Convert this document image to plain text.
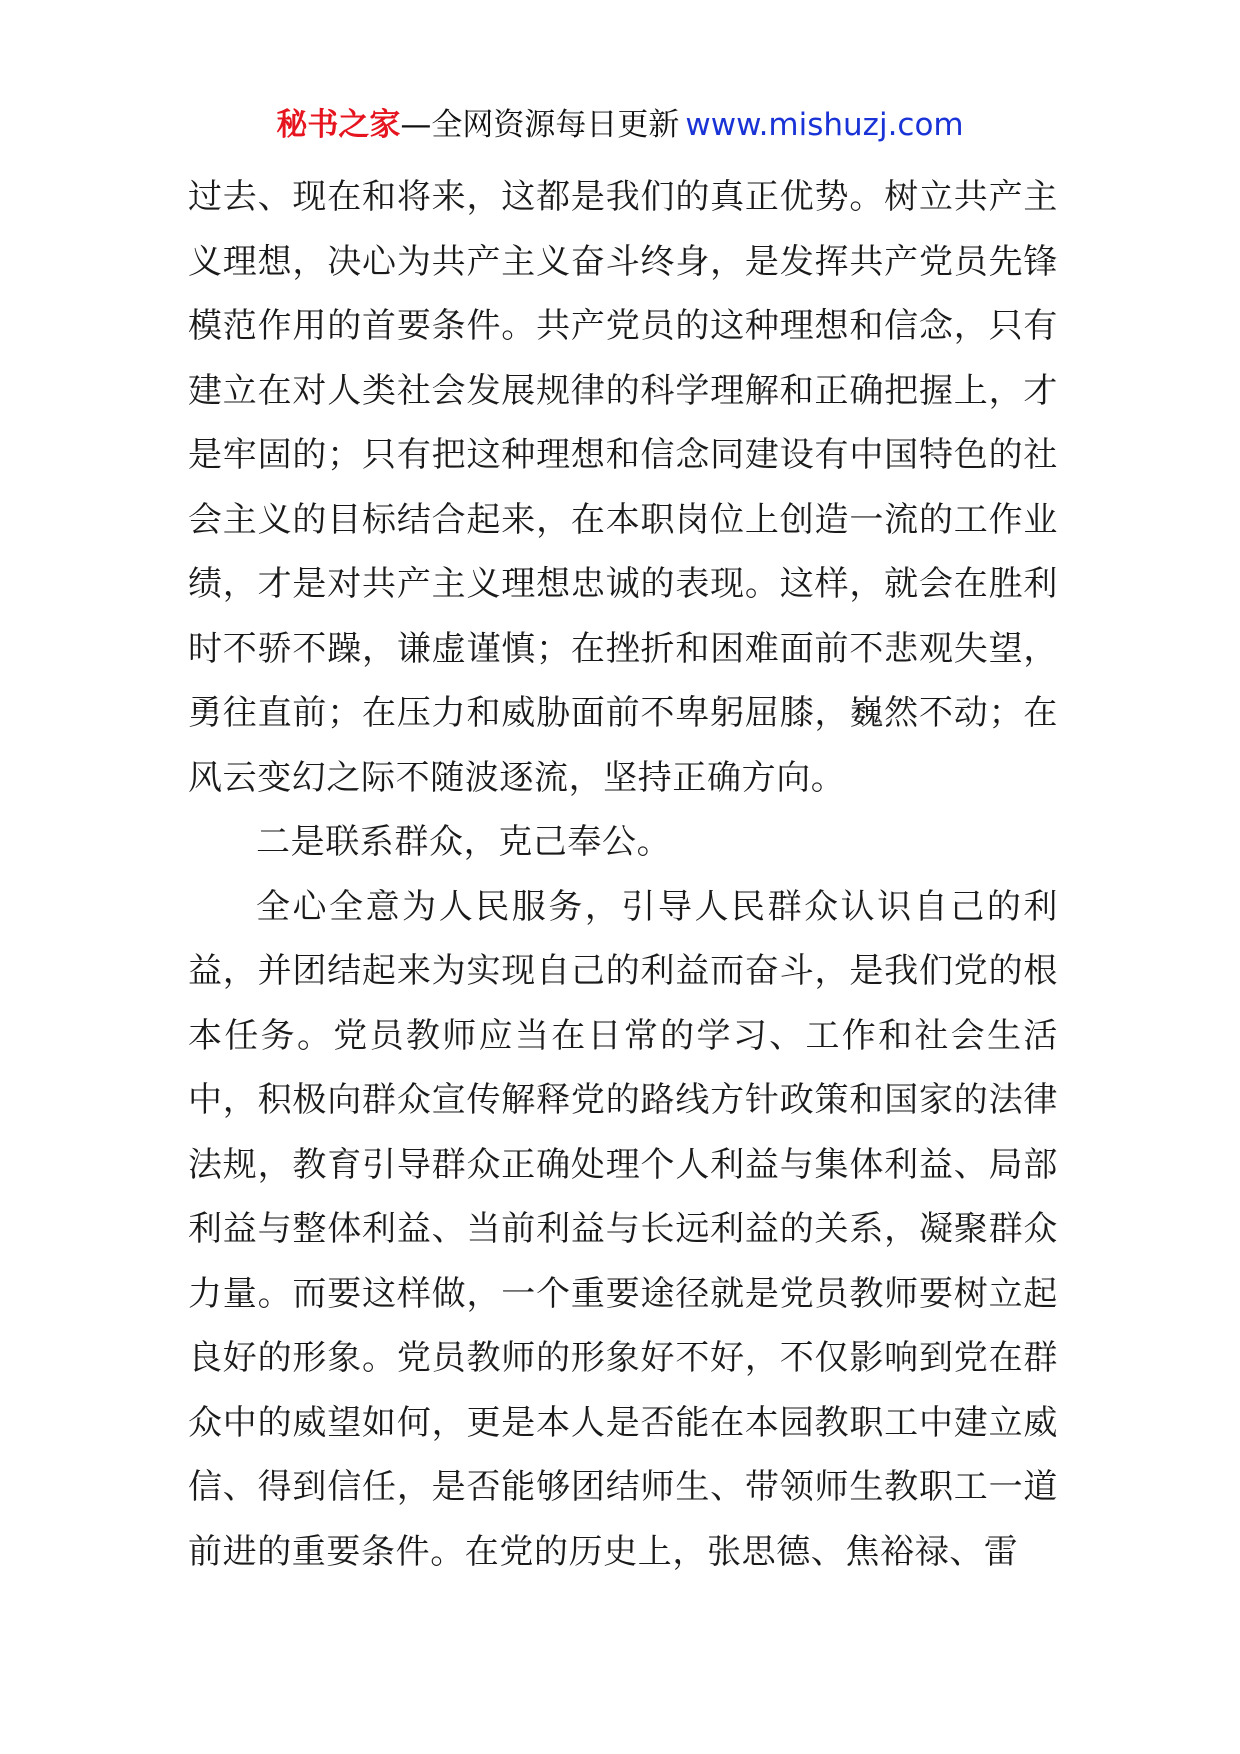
秘书之家—全网资源每日更新 www.mishuzj.com

过去、现在和将来，这都是我们的真正优势。树立共产主义理想，决心为共产主义奋斗终身，是发挥共产党员先锋模范作用的首要条件。共产党员的这种理想和信念，只有建立在对人类社会发展规律的科学理解和正确把握上，才是牢固的；只有把这种理想和信念同建设有中国特色的社会主义的目标结合起来，在本职岗位上创造一流的工作业绩，才是对共产主义理想忠诚的表现。这样，就会在胜利时不骄不躁，谦虚谨慎；在挫折和困难面前不悲观失望，勇往直前；在压力和威胁面前不卑躬屈膝，巍然不动；在风云变幻之际不随波逐流，坚持正确方向。

二是联系群众，克己奉公。

全心全意为人民服务，引导人民群众认识自己的利益，并团结起来为实现自己的利益而奋斗，是我们党的根本任务。党员教师应当在日常的学习、工作和社会生活中，积极向群众宣传解释党的路线方针政策和国家的法律法规，教育引导群众正确处理个人利益与集体利益、局部利益与整体利益、当前利益与长远利益的关系，凝聚群众力量。而要这样做，一个重要途径就是党员教师要树立起良好的形象。党员教师的形象好不好，不仅影响到党在群众中的威望如何，更是本人是否能在本园教职工中建立威信、得到信任，是否能够团结师生、带领师生教职工一道前进的重要条件。在党的历史上，张思德、焦裕禄、雷
